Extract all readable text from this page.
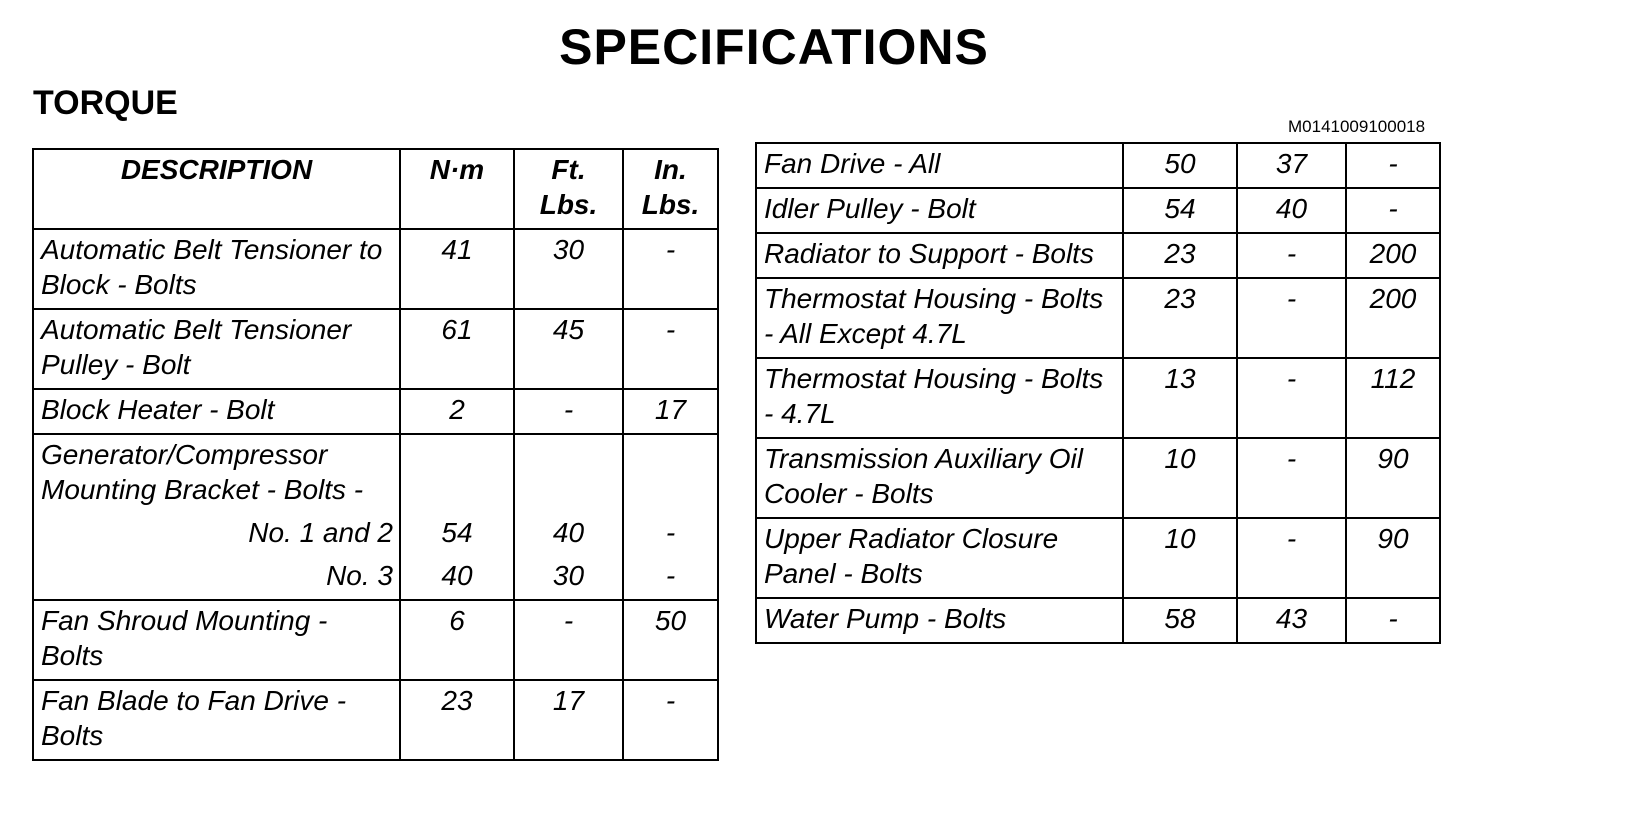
SPECIFICATIONS
TORQUE
M0141009100018
DESCRIPTION	N·m	Ft. Lbs.	In. Lbs.
Automatic Belt Tensioner to Block - Bolts	41	30	-
Automatic Belt Tensioner Pulley - Bolt	61	45	-
Block Heater - Bolt	2	-	17
Generator/Compressor Mounting Bracket - Bolts -			
No. 1 and 2	54	40	-
No. 3	40	30	-
Fan Shroud Mounting - Bolts	6	-	50
Fan Blade to Fan Drive - Bolts	23	17	-
Fan Drive - All	50	37	-
Idler Pulley - Bolt	54	40	-
Radiator to Support - Bolts	23	-	200
Thermostat Housing - Bolts - All Except 4.7L	23	-	200
Thermostat Housing - Bolts - 4.7L	13	-	112
Transmission Auxiliary Oil Cooler - Bolts	10	-	90
Upper Radiator Closure Panel - Bolts	10	-	90
Water Pump - Bolts	58	43	-
